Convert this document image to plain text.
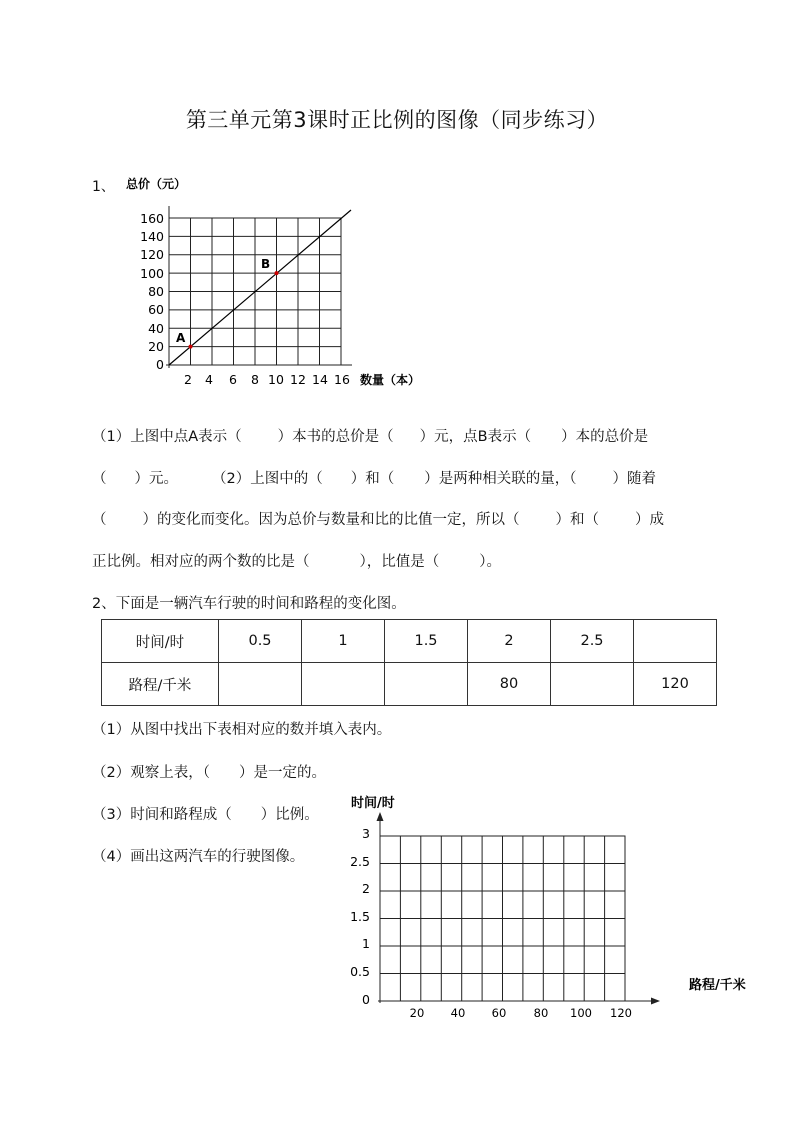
第三单元第3课时正比例的图像（同步练习）
1、 总价（元）
A
B
160
140
120
100
80
60
40
20
0
2 4 6 8 10 12 14 16 数量（本）
（1）上图中点A表示（ ）本书的总价是（ ）元，点B表示（ ）本的总价是
（ ）元。 （2）上图中的（ ）和（ ）是两种相关联的量，（ ）随着
（ ）的变化而变化。因为总价与数量和比的比值一定，所以（ ）和（ ）成
正比例。相对应的两个数的比是（	），比值是（	）。
2、下面是一辆汽车行驶的时间和路程的变化图。
时间/时	0.5	1	1.5	2	2.5	
路程/千米				80		120
（1）从图中找出下表相对应的数并填入表内。
（2）观察上表，（　　）是一定的。
（3）时间和路程成（　　）比例。
（4）画出这两汽车的行驶图像。
时间/时
3
2.5
2
1.5
1
0.5
0
20 40 60 80 100 120
路程/千米
